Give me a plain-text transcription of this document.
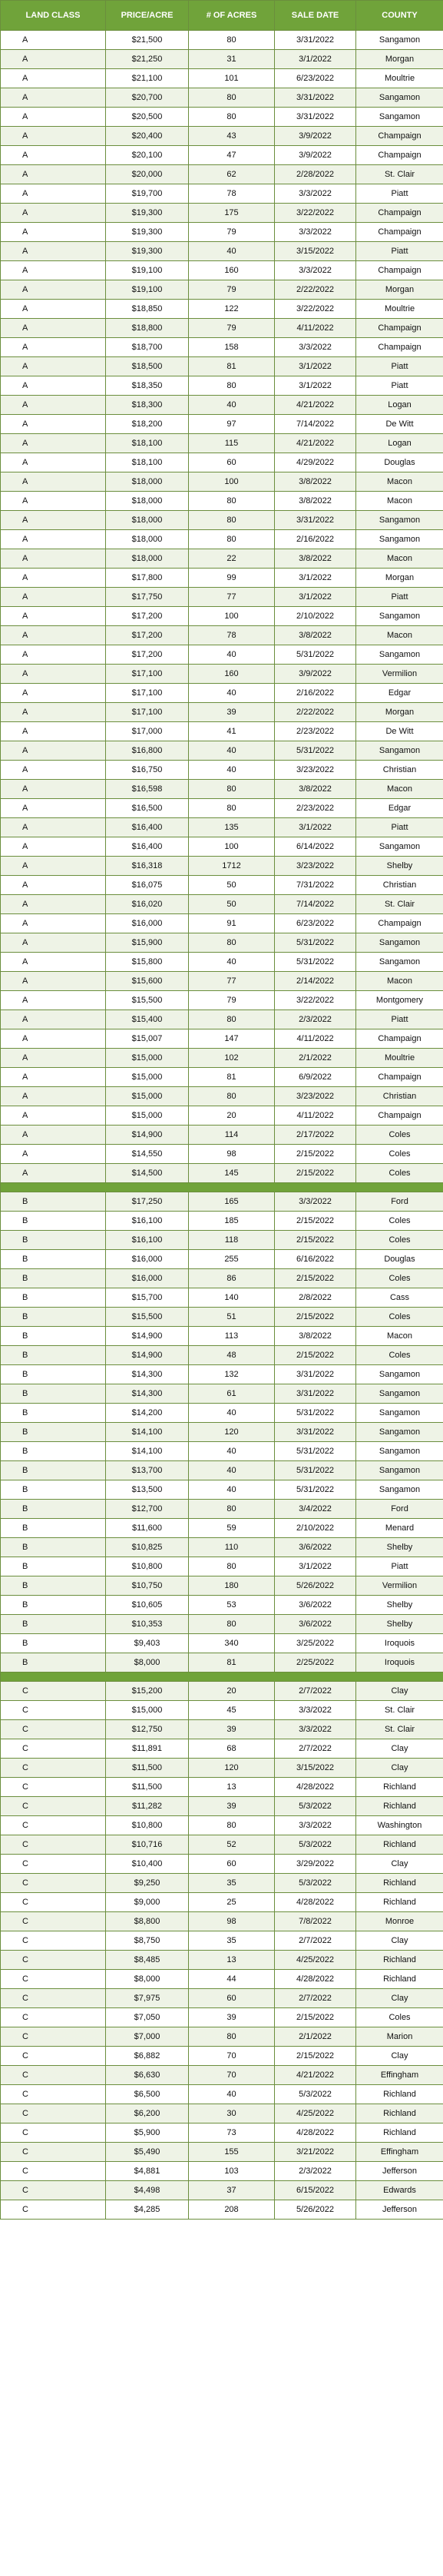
LAND CLASS	PRICE/ACRE	# OF ACRES	SALE DATE	COUNTY
A	$21,500	80	3/31/2022	Sangamon
A	$21,250	31	3/1/2022	Morgan
A	$21,100	101	6/23/2022	Moultrie
A	$20,700	80	3/31/2022	Sangamon
A	$20,500	80	3/31/2022	Sangamon
A	$20,400	43	3/9/2022	Champaign
A	$20,100	47	3/9/2022	Champaign
A	$20,000	62	2/28/2022	St. Clair
A	$19,700	78	3/3/2022	Piatt
A	$19,300	175	3/22/2022	Champaign
A	$19,300	79	3/3/2022	Champaign
A	$19,300	40	3/15/2022	Piatt
A	$19,100	160	3/3/2022	Champaign
A	$19,100	79	2/22/2022	Morgan
A	$18,850	122	3/22/2022	Moultrie
A	$18,800	79	4/11/2022	Champaign
A	$18,700	158	3/3/2022	Champaign
A	$18,500	81	3/1/2022	Piatt
A	$18,350	80	3/1/2022	Piatt
A	$18,300	40	4/21/2022	Logan
A	$18,200	97	7/14/2022	De Witt
A	$18,100	115	4/21/2022	Logan
A	$18,100	60	4/29/2022	Douglas
A	$18,000	100	3/8/2022	Macon
A	$18,000	80	3/8/2022	Macon
A	$18,000	80	3/31/2022	Sangamon
A	$18,000	80	2/16/2022	Sangamon
A	$18,000	22	3/8/2022	Macon
A	$17,800	99	3/1/2022	Morgan
A	$17,750	77	3/1/2022	Piatt
A	$17,200	100	2/10/2022	Sangamon
A	$17,200	78	3/8/2022	Macon
A	$17,200	40	5/31/2022	Sangamon
A	$17,100	160	3/9/2022	Vermilion
A	$17,100	40	2/16/2022	Edgar
A	$17,100	39	2/22/2022	Morgan
A	$17,000	41	2/23/2022	De Witt
A	$16,800	40	5/31/2022	Sangamon
A	$16,750	40	3/23/2022	Christian
A	$16,598	80	3/8/2022	Macon
A	$16,500	80	2/23/2022	Edgar
A	$16,400	135	3/1/2022	Piatt
A	$16,400	100	6/14/2022	Sangamon
A	$16,318	1712	3/23/2022	Shelby
A	$16,075	50	7/31/2022	Christian
A	$16,020	50	7/14/2022	St. Clair
A	$16,000	91	6/23/2022	Champaign
A	$15,900	80	5/31/2022	Sangamon
A	$15,800	40	5/31/2022	Sangamon
A	$15,600	77	2/14/2022	Macon
A	$15,500	79	3/22/2022	Montgomery
A	$15,400	80	2/3/2022	Piatt
A	$15,007	147	4/11/2022	Champaign
A	$15,000	102	2/1/2022	Moultrie
A	$15,000	81	6/9/2022	Champaign
A	$15,000	80	3/23/2022	Christian
A	$15,000	20	4/11/2022	Champaign
A	$14,900	114	2/17/2022	Coles
A	$14,550	98	2/15/2022	Coles
A	$14,500	145	2/15/2022	Coles

B	$17,250	165	3/3/2022	Ford
B	$16,100	185	2/15/2022	Coles
B	$16,100	118	2/15/2022	Coles
B	$16,000	255	6/16/2022	Douglas
B	$16,000	86	2/15/2022	Coles
B	$15,700	140	2/8/2022	Cass
B	$15,500	51	2/15/2022	Coles
B	$14,900	113	3/8/2022	Macon
B	$14,900	48	2/15/2022	Coles
B	$14,300	132	3/31/2022	Sangamon
B	$14,300	61	3/31/2022	Sangamon
B	$14,200	40	5/31/2022	Sangamon
B	$14,100	120	3/31/2022	Sangamon
B	$14,100	40	5/31/2022	Sangamon
B	$13,700	40	5/31/2022	Sangamon
B	$13,500	40	5/31/2022	Sangamon
B	$12,700	80	3/4/2022	Ford
B	$11,600	59	2/10/2022	Menard
B	$10,825	110	3/6/2022	Shelby
B	$10,800	80	3/1/2022	Piatt
B	$10,750	180	5/26/2022	Vermilion
B	$10,605	53	3/6/2022	Shelby
B	$10,353	80	3/6/2022	Shelby
B	$9,403	340	3/25/2022	Iroquois
B	$8,000	81	2/25/2022	Iroquois

C	$15,200	20	2/7/2022	Clay
C	$15,000	45	3/3/2022	St. Clair
C	$12,750	39	3/3/2022	St. Clair
C	$11,891	68	2/7/2022	Clay
C	$11,500	120	3/15/2022	Clay
C	$11,500	13	4/28/2022	Richland
C	$11,282	39	5/3/2022	Richland
C	$10,800	80	3/3/2022	Washington
C	$10,716	52	5/3/2022	Richland
C	$10,400	60	3/29/2022	Clay
C	$9,250	35	5/3/2022	Richland
C	$9,000	25	4/28/2022	Richland
C	$8,800	98	7/8/2022	Monroe
C	$8,750	35	2/7/2022	Clay
C	$8,485	13	4/25/2022	Richland
C	$8,000	44	4/28/2022	Richland
C	$7,975	60	2/7/2022	Clay
C	$7,050	39	2/15/2022	Coles
C	$7,000	80	2/1/2022	Marion
C	$6,882	70	2/15/2022	Clay
C	$6,630	70	4/21/2022	Effingham
C	$6,500	40	5/3/2022	Richland
C	$6,200	30	4/25/2022	Richland
C	$5,900	73	4/28/2022	Richland
C	$5,490	155	3/21/2022	Effingham
C	$4,881	103	2/3/2022	Jefferson
C	$4,498	37	6/15/2022	Edwards
C	$4,285	208	5/26/2022	Jefferson
